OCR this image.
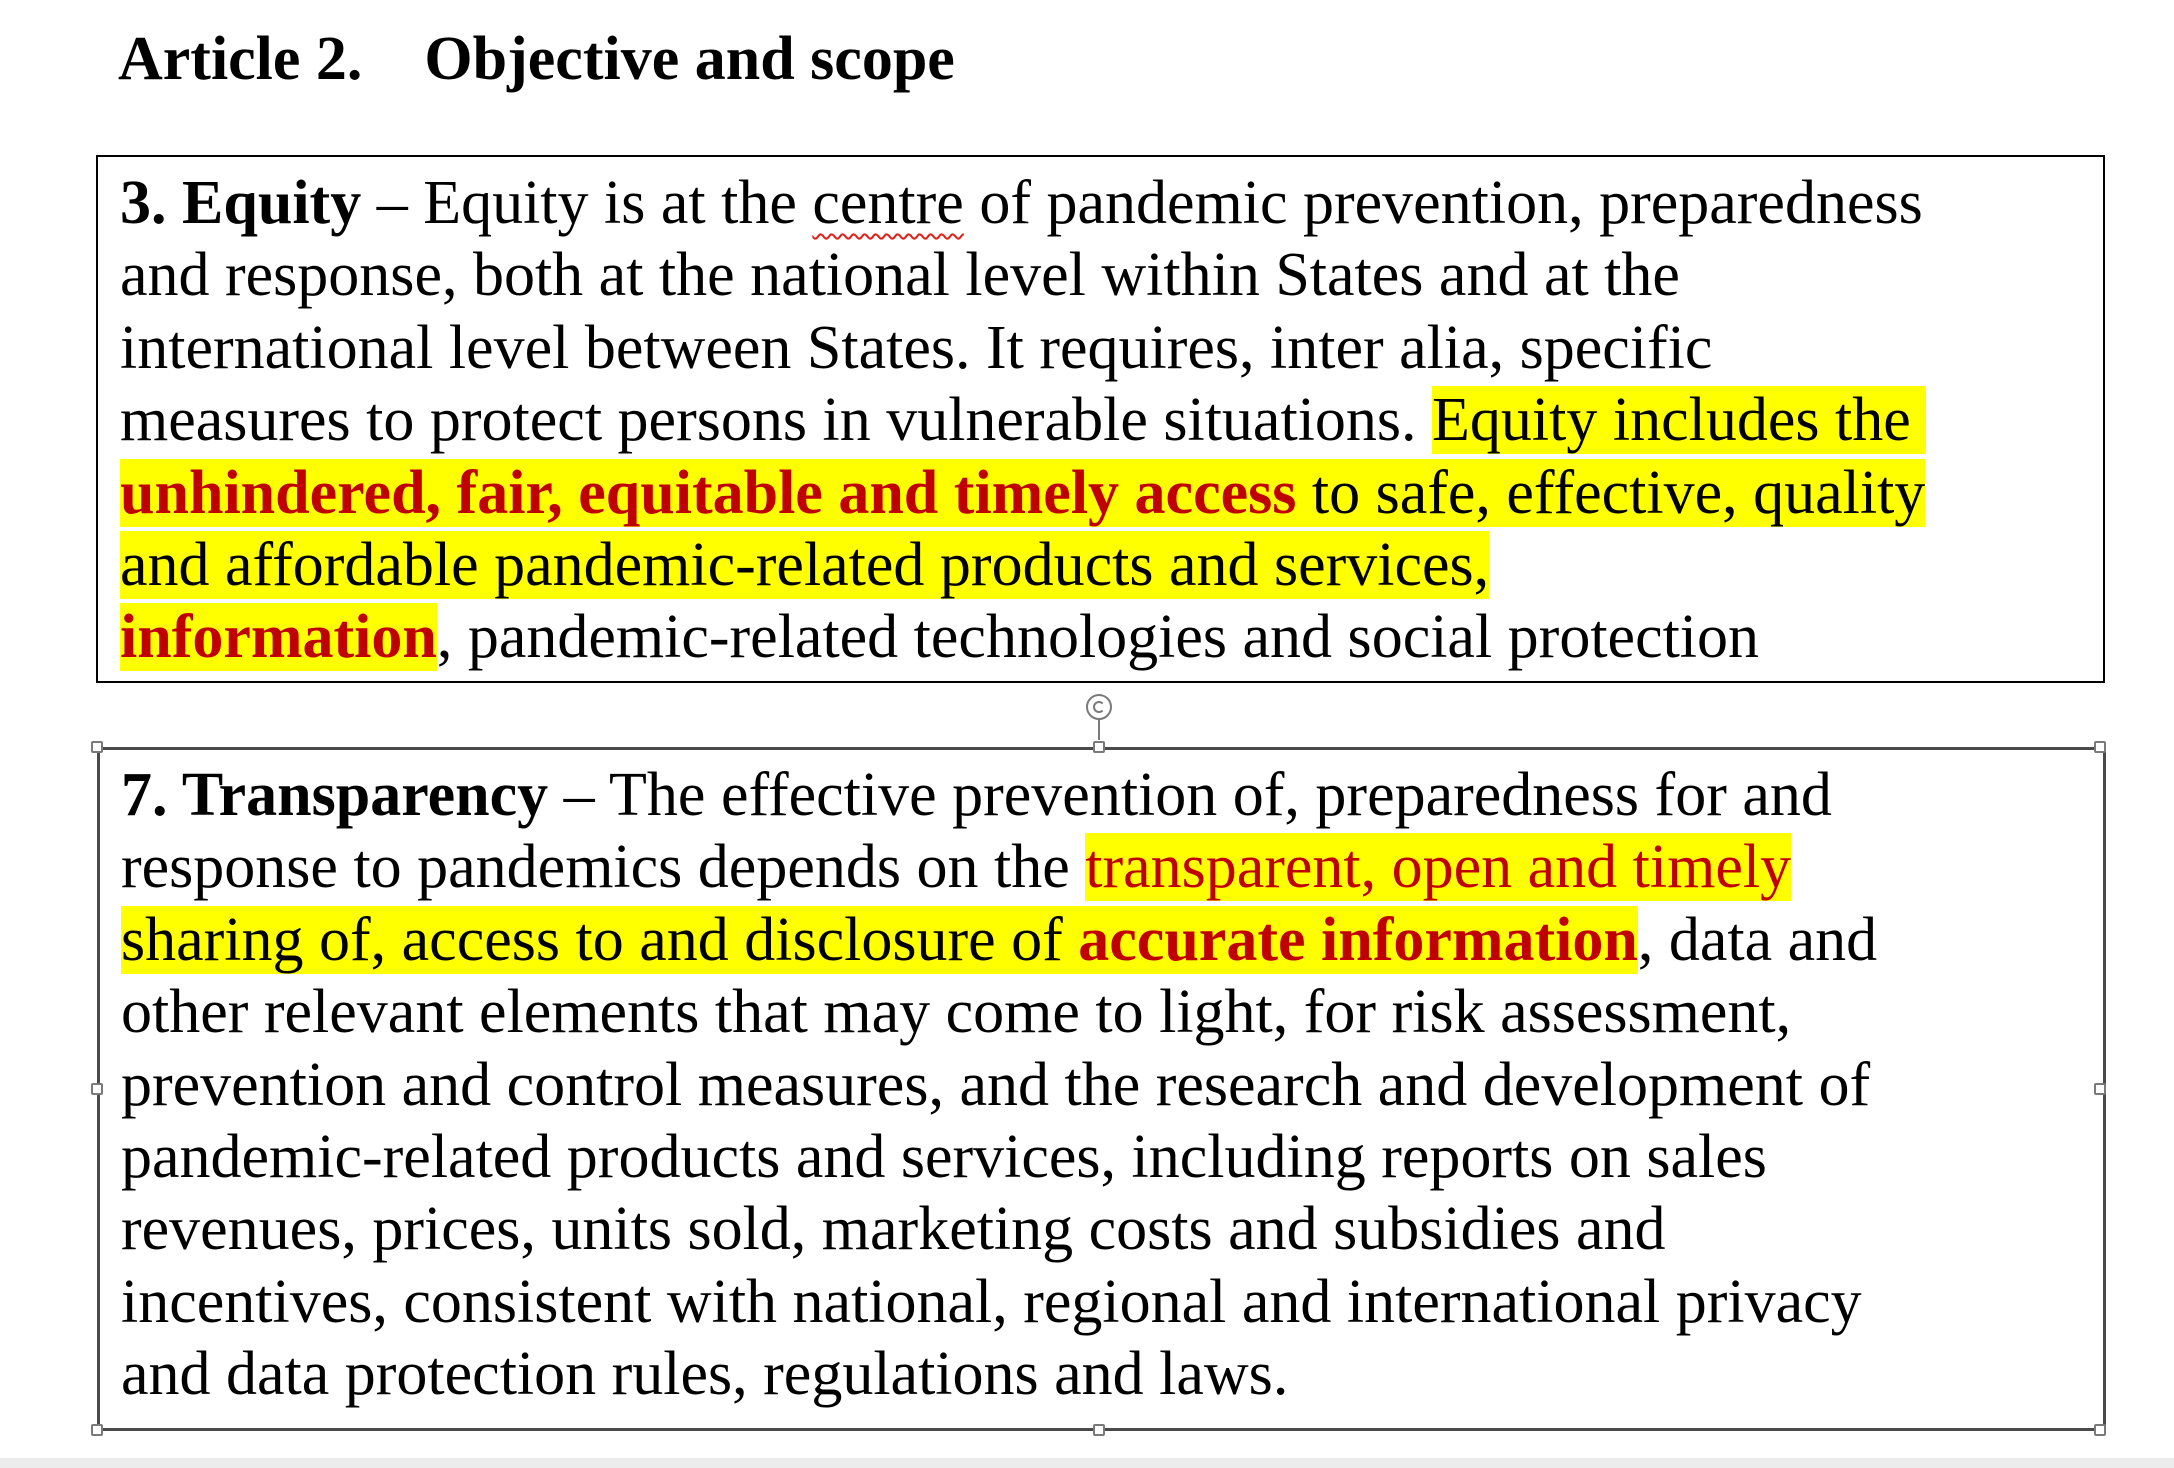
Article 2. Objective and scope
3. Equity – Equity is at the centre of pandemic prevention, preparedness
and response, both at the national level within States and at the
international level between States. It requires, inter alia, specific
measures to protect persons in vulnerable situations. Equity includes the
unhindered, fair, equitable and timely access to safe, effective, quality
and affordable pandemic-related products and services,
information, pandemic-related technologies and social protection
7. Transparency – The effective prevention of, preparedness for and
response to pandemics depends on the transparent, open and timely
sharing of, access to and disclosure of accurate information, data and
other relevant elements that may come to light, for risk assessment,
prevention and control measures, and the research and development of
pandemic-related products and services, including reports on sales
revenues, prices, units sold, marketing costs and subsidies and
incentives, consistent with national, regional and international privacy
and data protection rules, regulations and laws.
